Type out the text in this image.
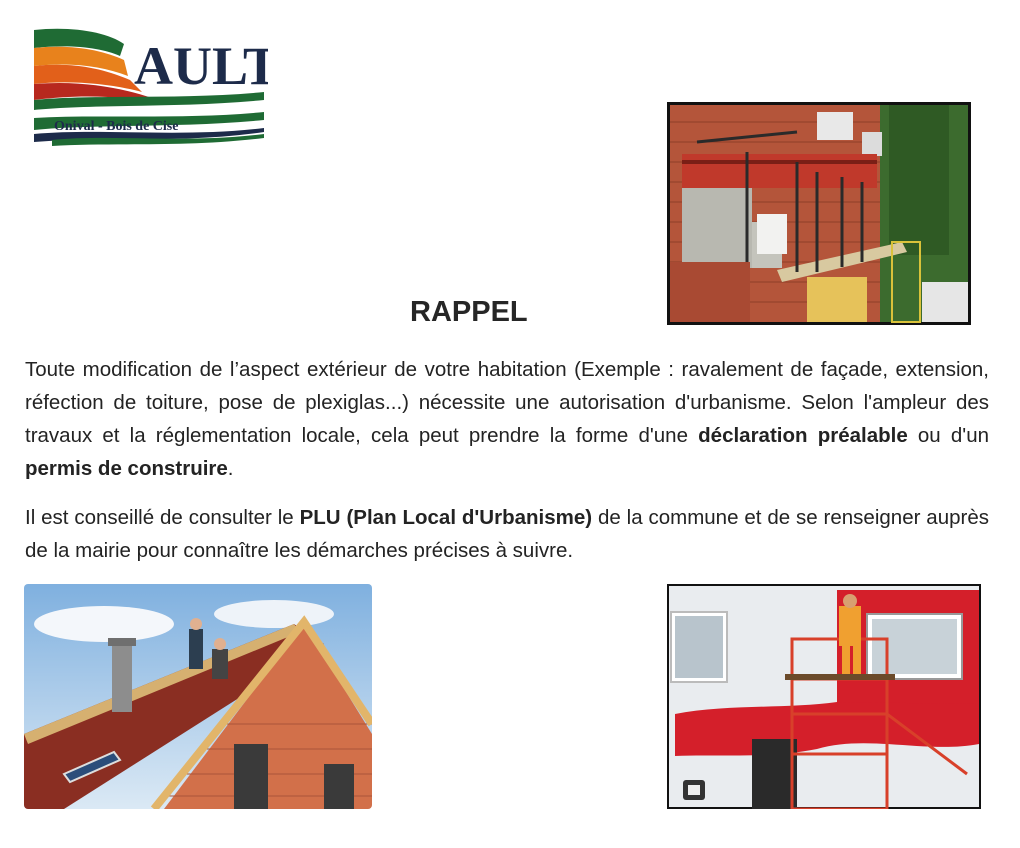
AULT
Onival - Bois de Cise
RAPPEL

Toute modification de l’aspect extérieur de votre habitation (Exemple : ravalement de façade, extension, réfection de toiture, pose de plexiglas...) nécessite une autorisation d'urbanisme. Selon l'ampleur des travaux et la réglementation locale, cela peut prendre la forme d'une déclaration préalable ou d'un permis de construire.

Il est conseillé de consulter le PLU (Plan Local d'Urbanisme) de la commune et de se renseigner auprès de la mairie pour connaître les démarches précises à suivre.
